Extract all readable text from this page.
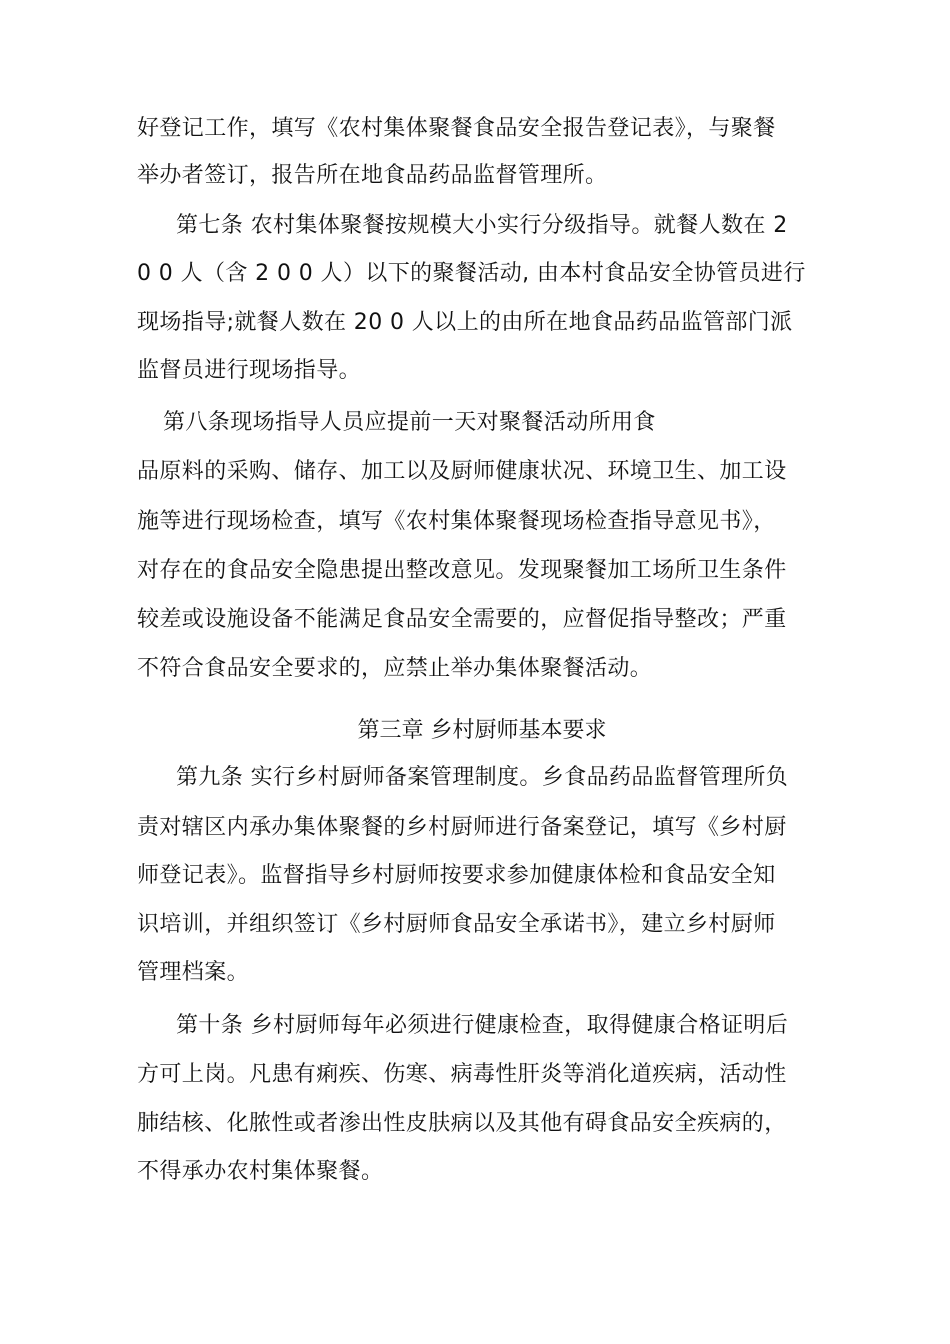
好登记工作，填写《农村集体聚餐食品安全报告登记表》，与聚餐
举办者签订，报告所在地食品药品监督管理所。
第七条 农村集体聚餐按规模大小实行分级指导。就餐人数在 2
0 0 人（含 2 0 0 人）以下的聚餐活动, 由本村食品安全协管员进行
现场指导;就餐人数在 20 0 人以上的由所在地食品药品监管部门派
监督员进行现场指导。
第八条现场指导人员应提前一天对聚餐活动所用食
品原料的采购、储存、加工以及厨师健康状况、环境卫生、加工设
施等进行现场检查，填写《农村集体聚餐现场检查指导意见书》，
对存在的食品安全隐患提出整改意见。发现聚餐加工场所卫生条件
较差或设施设备不能满足食品安全需要的，应督促指导整改；严重
不符合食品安全要求的，应禁止举办集体聚餐活动。
第三章 乡村厨师基本要求
第九条 实行乡村厨师备案管理制度。乡食品药品监督管理所负
责对辖区内承办集体聚餐的乡村厨师进行备案登记，填写《乡村厨
师登记表》。监督指导乡村厨师按要求参加健康体检和食品安全知
识培训，并组织签订《乡村厨师食品安全承诺书》，建立乡村厨师
管理档案。
第十条 乡村厨师每年必须进行健康检查，取得健康合格证明后
方可上岗。凡患有痢疾、伤寒、病毒性肝炎等消化道疾病，活动性
肺结核、化脓性或者渗出性皮肤病以及其他有碍食品安全疾病的，
不得承办农村集体聚餐。
